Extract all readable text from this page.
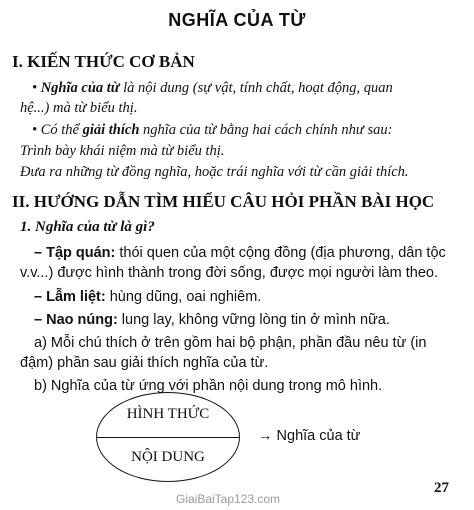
NGHĨA CỦA TỪ
I. KIẾN THỨC CƠ BẢN
• Nghĩa của từ là nội dung (sự vật, tính chất, hoạt động, quan
hệ...) mà từ biểu thị.
• Có thể giải thích nghĩa của từ bằng hai cách chính như sau:
Trình bày khái niệm mà từ biểu thị.
Đưa ra những từ đồng nghĩa, hoặc trái nghĩa với từ cần giải thích.
II. HƯỚNG DẪN TÌM HIỂU CÂU HỎI PHẦN BÀI HỌC
1. Nghĩa của từ là gì?
– Tập quán: thói quen của một cộng đồng (địa phương, dân tộc
v.v...) được hình thành trong đời sống, được mọi người làm theo.
– Lẫm liệt: hùng dũng, oai nghiêm.
– Nao núng: lung lay, không vững lòng tin ở mình nữa.
a) Mỗi chú thích ở trên gồm hai bộ phận, phần đầu nêu từ (in
đậm) phần sau giải thích nghĩa của từ.
b) Nghĩa của từ ứng với phần nội dung trong mô hình.
HÌNH THỨC
NỘI DUNG
→ Nghĩa của từ
27
GiaiBaiTap123.com
